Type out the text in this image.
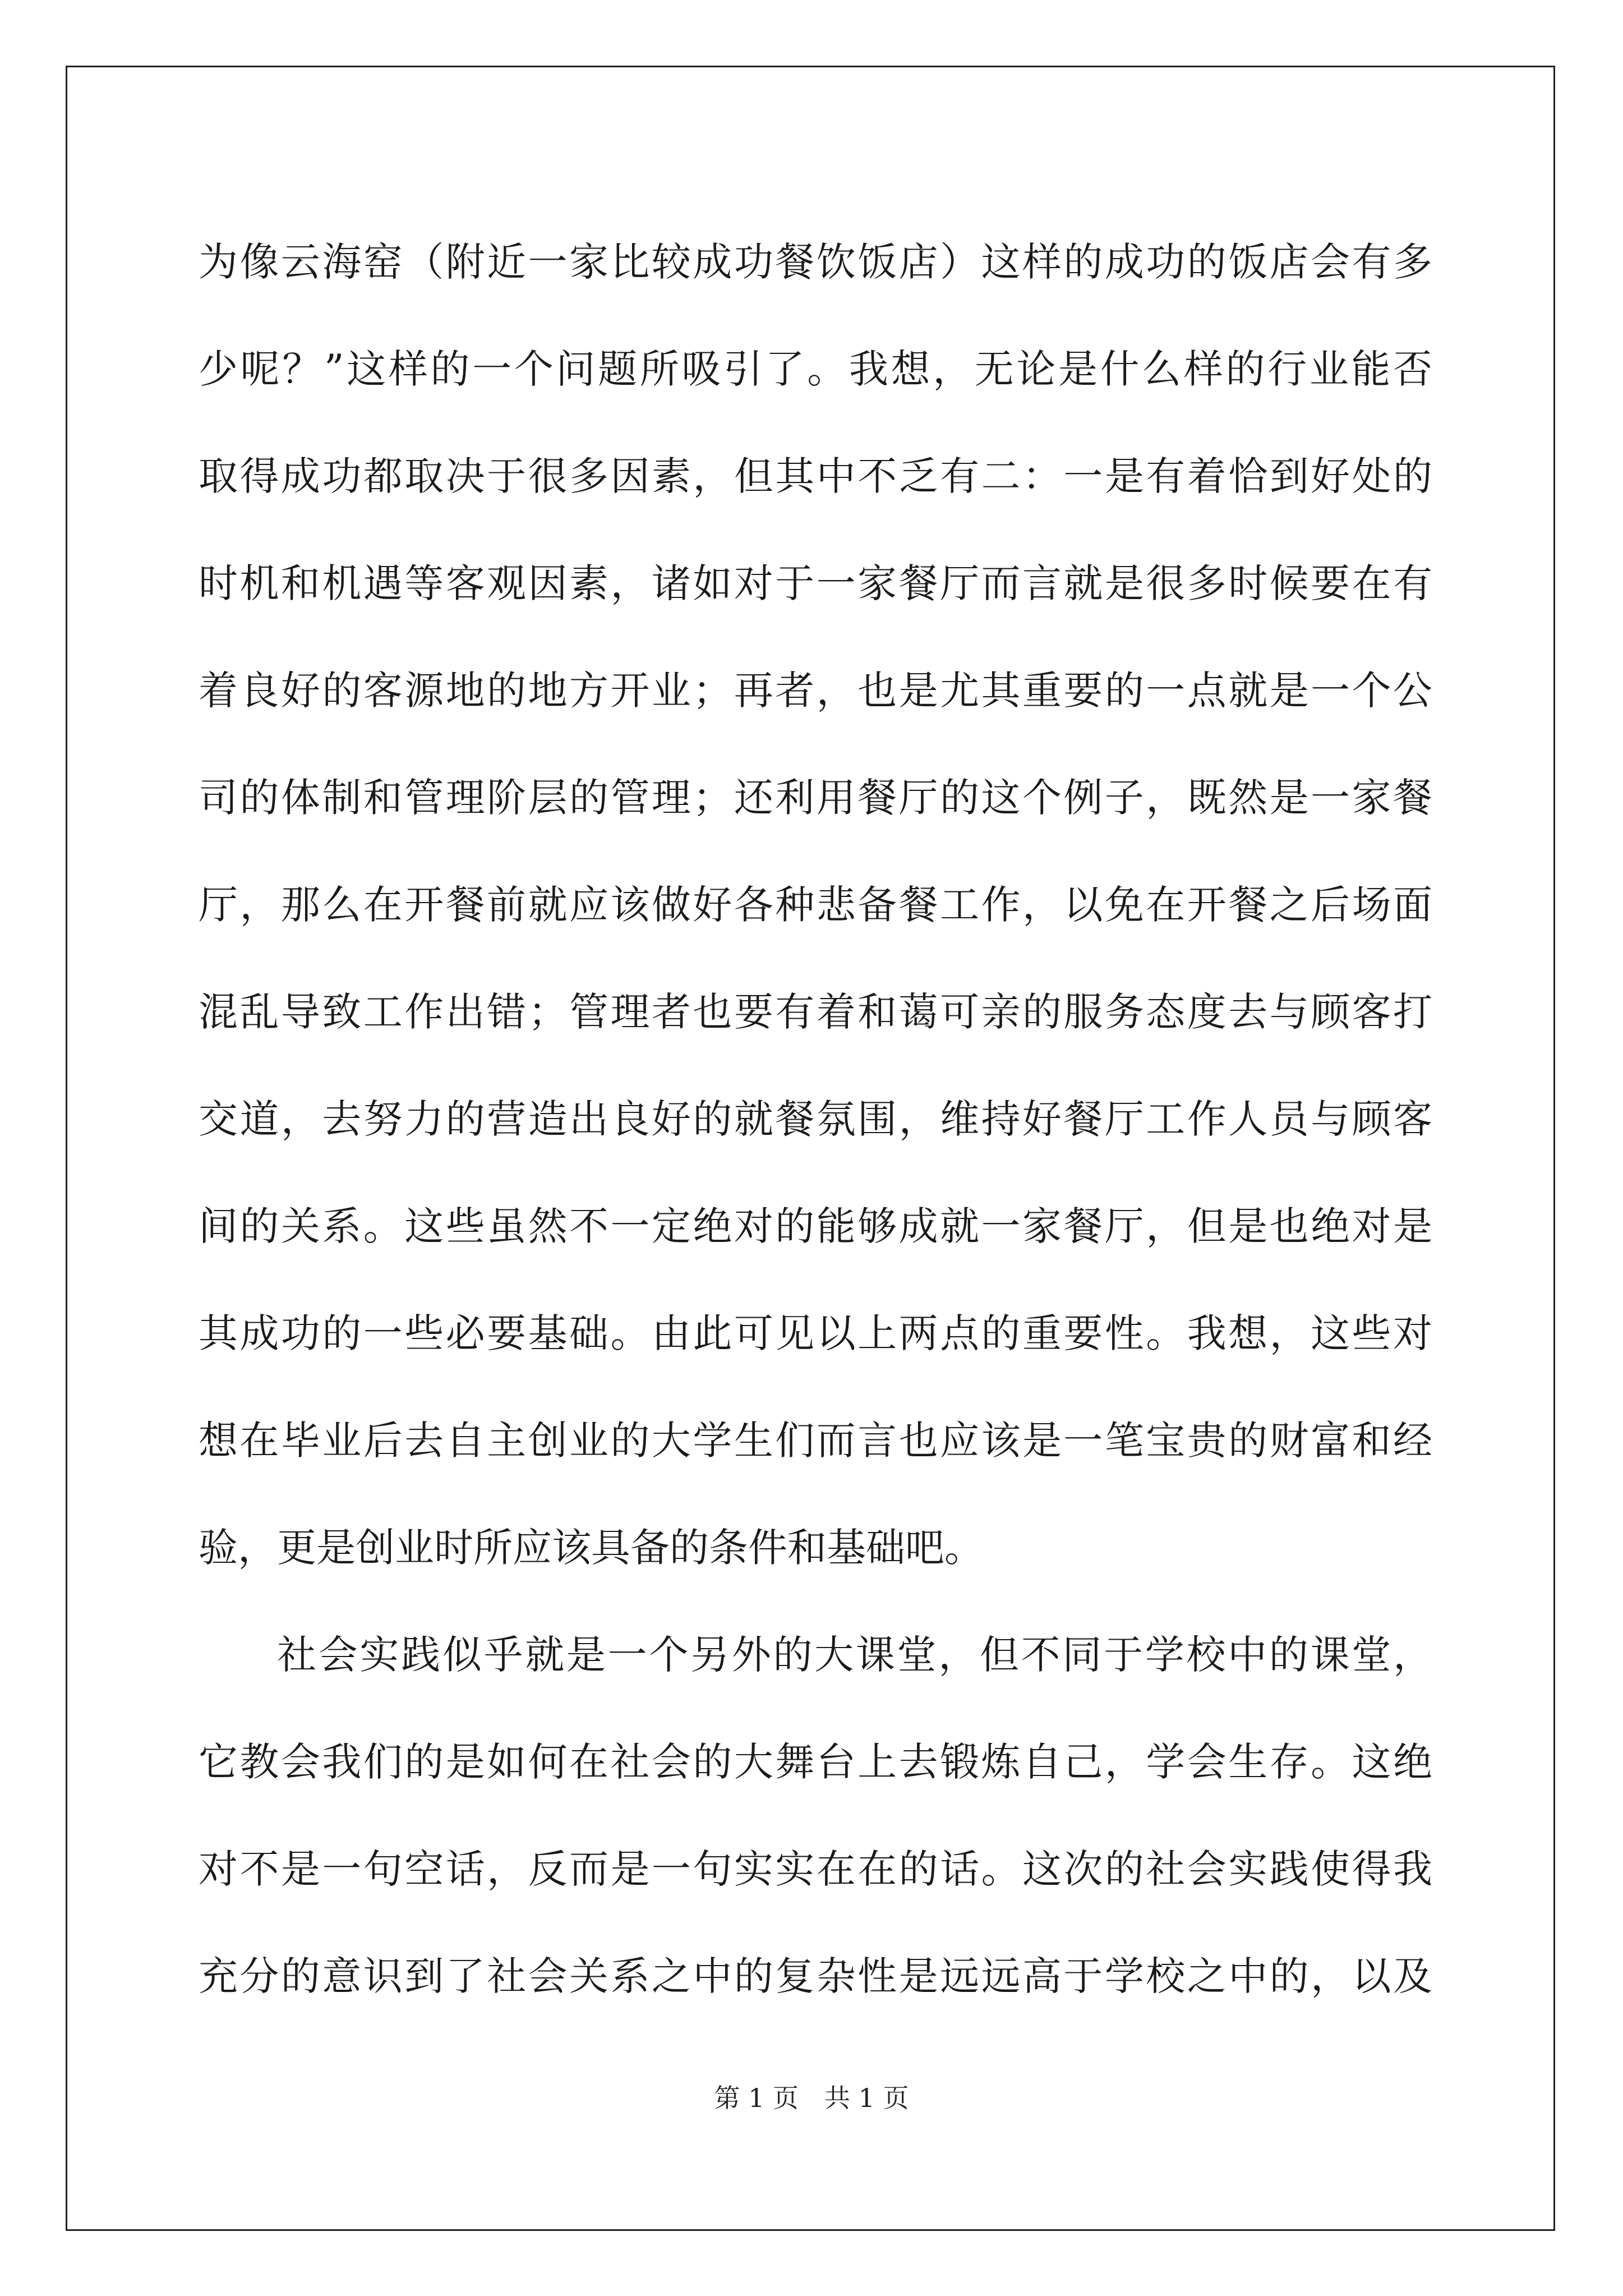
为像云海窑（附近一家比较成功餐饮饭店）这样的成功的饭店会有多
少呢？”这样的一个问题所吸引了。我想，无论是什么样的行业能否
取得成功都取决于很多因素，但其中不乏有二：一是有着恰到好处的
时机和机遇等客观因素，诸如对于一家餐厅而言就是很多时候要在有
着良好的客源地的地方开业；再者，也是尤其重要的一点就是一个公
司的体制和管理阶层的管理；还利用餐厅的这个例子，既然是一家餐
厅，那么在开餐前就应该做好各种悲备餐工作，以免在开餐之后场面
混乱导致工作出错；管理者也要有着和蔼可亲的服务态度去与顾客打
交道，去努力的营造出良好的就餐氛围，维持好餐厅工作人员与顾客
间的关系。这些虽然不一定绝对的能够成就一家餐厅，但是也绝对是
其成功的一些必要基础。由此可见以上两点的重要性。我想，这些对
想在毕业后去自主创业的大学生们而言也应该是一笔宝贵的财富和经
验，更是创业时所应该具备的条件和基础吧。
社会实践似乎就是一个另外的大课堂，但不同于学校中的课堂，
它教会我们的是如何在社会的大舞台上去锻炼自己，学会生存。这绝
对不是一句空话，反而是一句实实在在的话。这次的社会实践使得我
充分的意识到了社会关系之中的复杂性是远远高于学校之中的，以及
第 1 页　共 1 页
